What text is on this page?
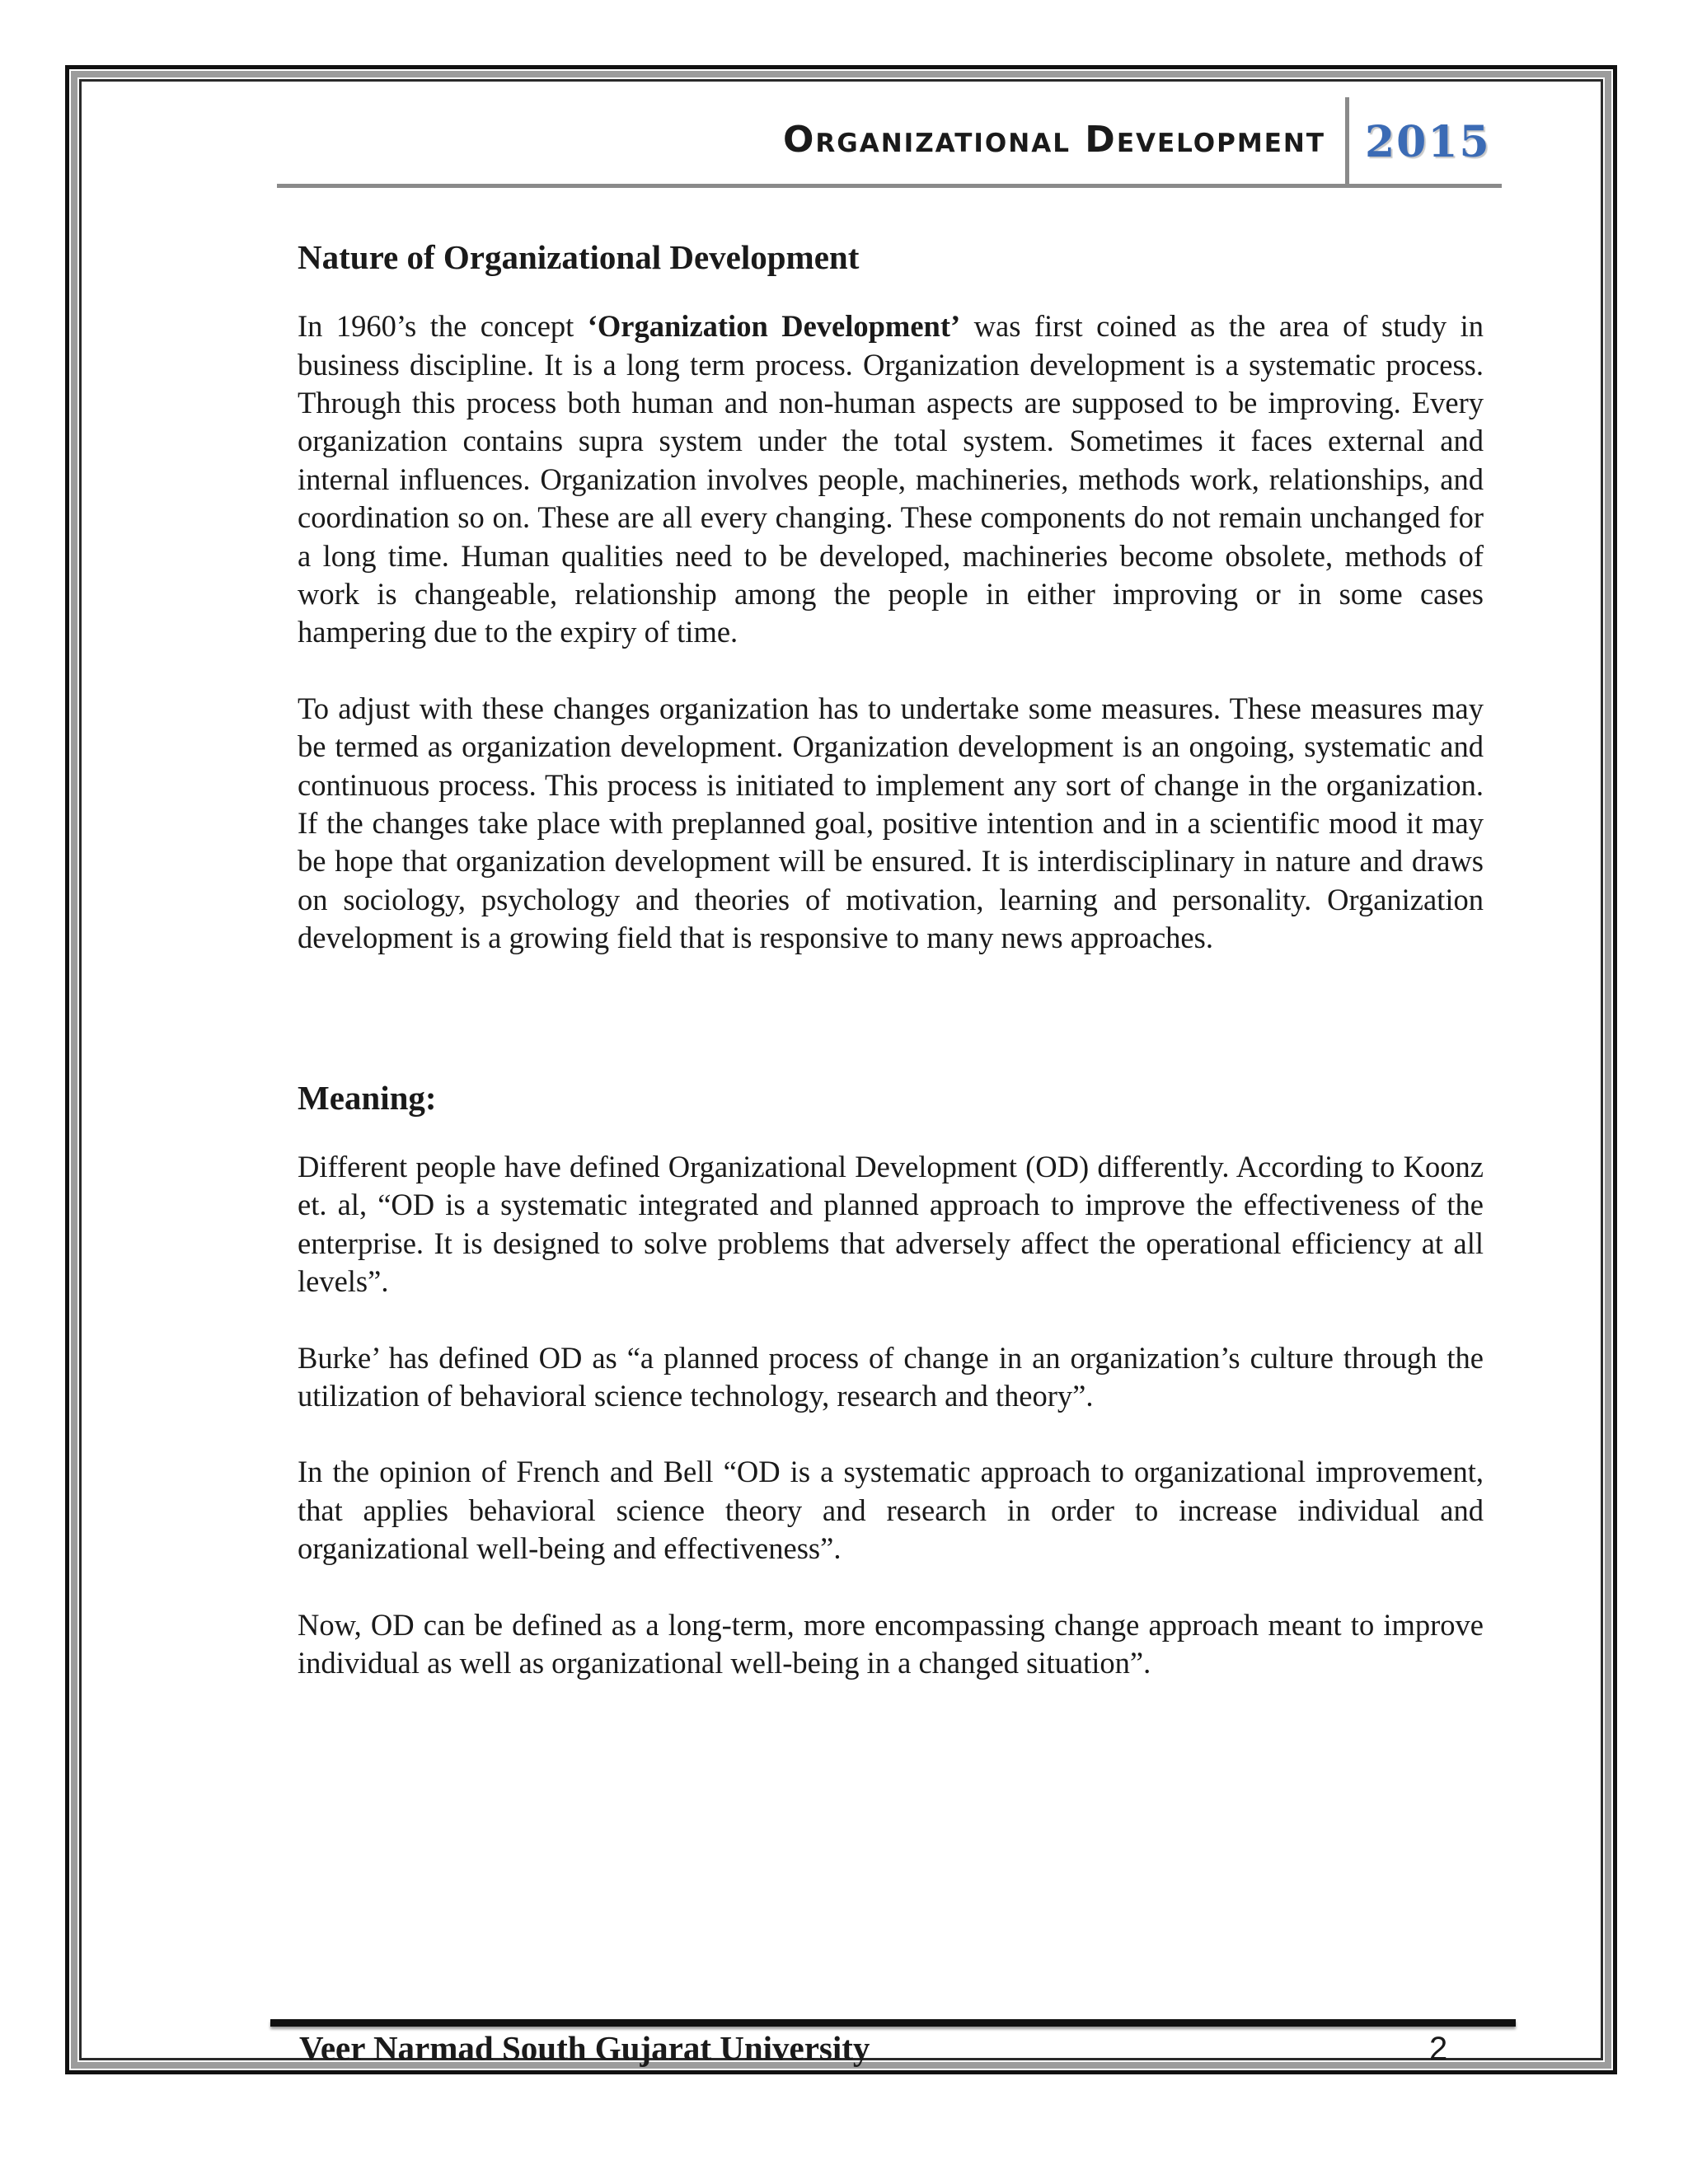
Organizational Development 2015
Nature of Organizational Development

In 1960’s the concept ‘Organization Development’ was first coined as the area of study in business discipline. It is a long term process. Organization development is a systematic process. Through this process both human and non-human aspects are supposed to be improving. Every organization contains supra system under the total system. Sometimes it faces external and internal influences. Organization involves people, machineries, methods work, relationships, and coordination so on. These are all every changing. These components do not remain unchanged for a long time. Human qualities need to be developed, machineries become obsolete, methods of work is changeable, relationship among the people in either improving or in some cases hampering due to the expiry of time.

To adjust with these changes organization has to undertake some measures. These measures may be termed as organization development. Organization development is an ongoing, systematic and continuous process. This process is initiated to implement any sort of change in the organization. If the changes take place with preplanned goal, positive intention and in a scientific mood it may be hope that organization development will be ensured. It is interdisciplinary in nature and draws on sociology, psychology and theories of motivation, learning and personality. Organization development is a growing field that is responsive to many news approaches.

Meaning:

Different people have defined Organizational Development (OD) differently. According to Koonz et. al, “OD is a systematic integrated and planned approach to improve the effectiveness of the enterprise. It is designed to solve problems that adversely affect the operational efficiency at all levels”.

Burke’ has defined OD as “a planned process of change in an organization’s culture through the utilization of behavioral science technology, research and theory”.

In the opinion of French and Bell “OD is a systematic approach to organizational improvement, that applies behavioral science theory and research in order to increase individual and organizational well-being and effectiveness”.

Now, OD can be defined as a long-term, more encompassing change approach meant to improve individual as well as organizational well-being in a changed situation”.

Veer Narmad South Gujarat University	2
